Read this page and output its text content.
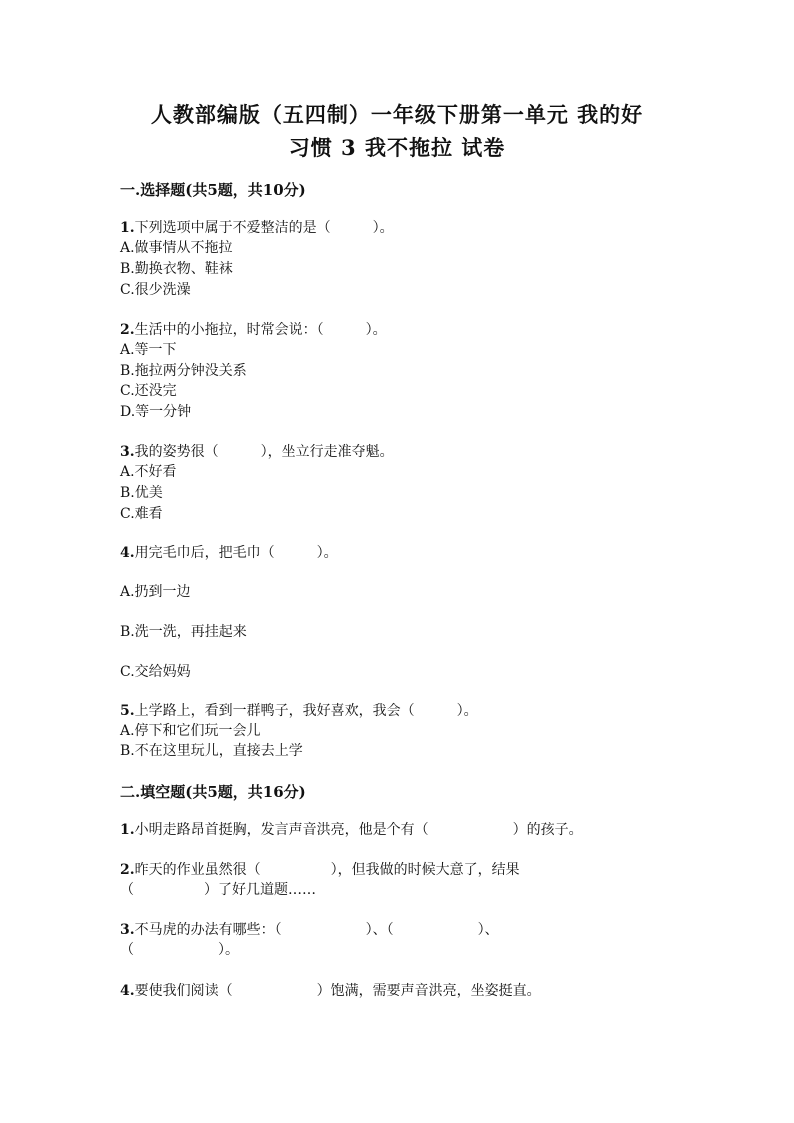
人教部编版（五四制）一年级下册第一单元 我的好
习惯 3 我不拖拉 试卷
一.选择题(共5题，共10分)
1.下列选项中属于不爱整洁的是（　　　）。
A.做事情从不拖拉
B.勤换衣物、鞋袜
C.很少洗澡
2.生活中的小拖拉，时常会说：（　　　）。
A.等一下
B.拖拉两分钟没关系
C.还没完
D.等一分钟
3.我的姿势很（　　　），坐立行走准夺魁。
A.不好看
B.优美
C.难看
4.用完毛巾后，把毛巾（　　　）。
A.扔到一边
B.洗一洗，再挂起来
C.交给妈妈
5.上学路上，看到一群鸭子，我好喜欢，我会（　　　）。
A.停下和它们玩一会儿
B.不在这里玩儿，直接去上学
二.填空题(共5题，共16分)
1.小明走路昂首挺胸，发言声音洪亮，他是个有（　　　　　　）的孩子。
2.昨天的作业虽然很（　　　　　），但我做的时候大意了，结果
（　　　　　）了好几道题……
3.不马虎的办法有哪些：（　　　　　　）、（　　　　　　）、
（　　　　　　）。
4.要使我们阅读（　　　　　　）饱满，需要声音洪亮，坐姿挺直。
